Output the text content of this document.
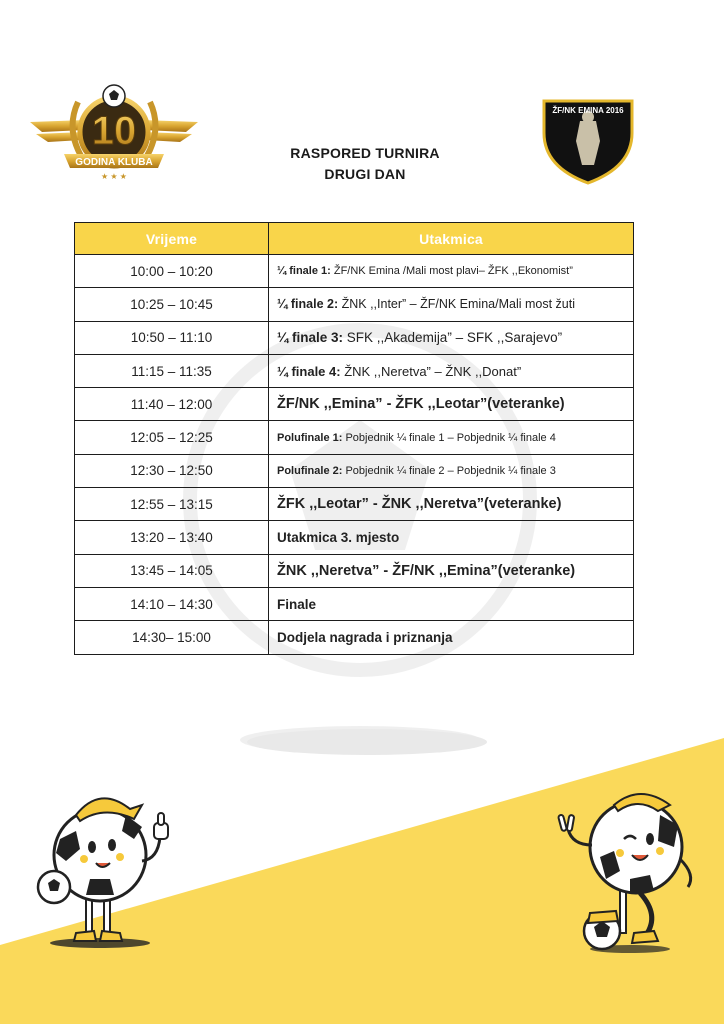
10
GODINA KLUBA
★ ★ ★
ŽF/NK EMINA 2016
RASPORED TURNIRA
DRUGI DAN
Vrijeme	Utakmica
10:00 – 10:20	¼ finale 1: ŽF/NK Emina /Mali most plavi– ŽFK ,,Ekonomist”
10:25 – 10:45	¼ finale 2: ŽNK ,,Inter” – ŽF/NK Emina/Mali most žuti
10:50 – 11:10	¼ finale 3: SFK ,,Akademija” – SFK ,,Sarajevo”
11:15 – 11:35	¼ finale 4: ŽNK ,,Neretva” – ŽNK ,,Donat”
11:40 – 12:00	ŽF/NK ,,Emina” - ŽFK ,,Leotar”(veteranke)
12:05 – 12:25	Polufinale 1: Pobjednik ¼ finale 1 – Pobjednik ¼ finale 4
12:30 – 12:50	Polufinale 2: Pobjednik ¼ finale 2 – Pobjednik ¼ finale 3
12:55 – 13:15	ŽFK ,,Leotar” - ŽNK ,,Neretva”(veteranke)
13:20 – 13:40	Utakmica 3. mjesto
13:45 – 14:05	ŽNK ,,Neretva” - ŽF/NK ,,Emina”(veteranke)
14:10 – 14:30	Finale
14:30– 15:00	Dodjela nagrada i priznanja
